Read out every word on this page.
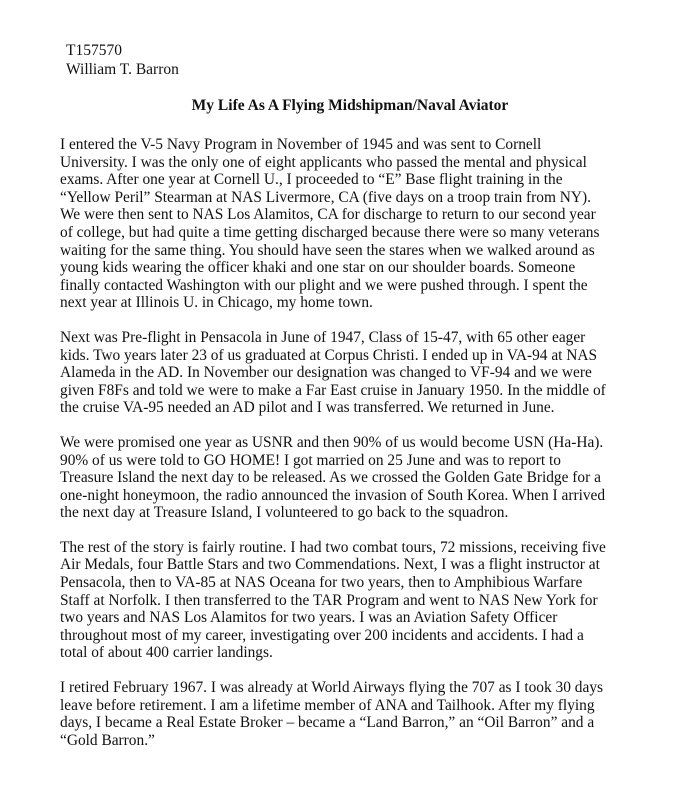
T157570
William T. Barron
My Life As A Flying Midshipman/Naval Aviator
I entered the V-5 Navy Program in November of 1945 and was sent to Cornell
University. I was the only one of eight applicants who passed the mental and physical
exams. After one year at Cornell U., I proceeded to “E” Base flight training in the
“Yellow Peril” Stearman at NAS Livermore, CA (five days on a troop train from NY).
We were then sent to NAS Los Alamitos, CA for discharge to return to our second year
of college, but had quite a time getting discharged because there were so many veterans
waiting for the same thing. You should have seen the stares when we walked around as
young kids wearing the officer khaki and one star on our shoulder boards. Someone
finally contacted Washington with our plight and we were pushed through. I spent the
next year at Illinois U. in Chicago, my home town.
Next was Pre-flight in Pensacola in June of 1947, Class of 15-47, with 65 other eager
kids. Two years later 23 of us graduated at Corpus Christi. I ended up in VA-94 at NAS
Alameda in the AD. In November our designation was changed to VF-94 and we were
given F8Fs and told we were to make a Far East cruise in January 1950. In the middle of
the cruise VA-95 needed an AD pilot and I was transferred. We returned in June.
We were promised one year as USNR and then 90% of us would become USN (Ha-Ha).
90% of us were told to GO HOME! I got married on 25 June and was to report to
Treasure Island the next day to be released. As we crossed the Golden Gate Bridge for a
one-night honeymoon, the radio announced the invasion of South Korea. When I arrived
the next day at Treasure Island, I volunteered to go back to the squadron.
The rest of the story is fairly routine. I had two combat tours, 72 missions, receiving five
Air Medals, four Battle Stars and two Commendations. Next, I was a flight instructor at
Pensacola, then to VA-85 at NAS Oceana for two years, then to Amphibious Warfare
Staff at Norfolk. I then transferred to the TAR Program and went to NAS New York for
two years and NAS Los Alamitos for two years. I was an Aviation Safety Officer
throughout most of my career, investigating over 200 incidents and accidents. I had a
total of about 400 carrier landings.
I retired February 1967. I was already at World Airways flying the 707 as I took 30 days
leave before retirement. I am a lifetime member of ANA and Tailhook. After my flying
days, I became a Real Estate Broker – became a “Land Barron,” an “Oil Barron” and a
“Gold Barron.”
